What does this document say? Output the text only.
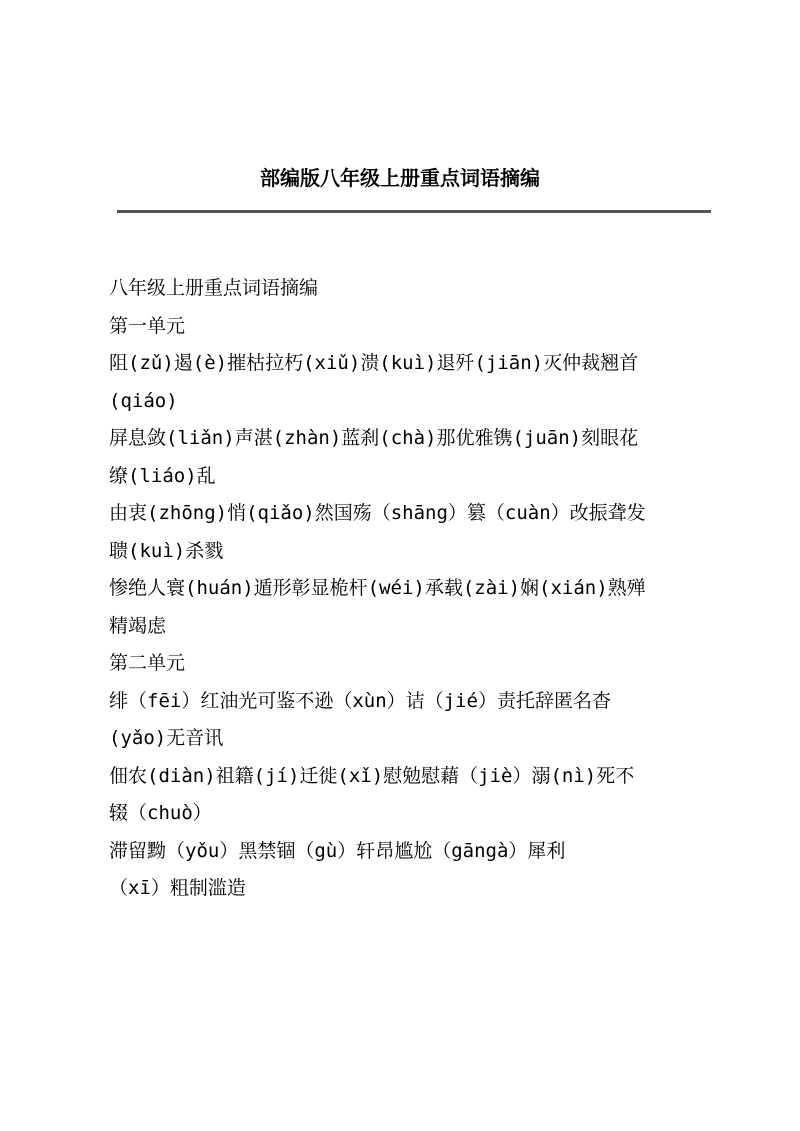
部编版八年级上册重点词语摘编
八年级上册重点词语摘编
第一单元
阻(zǔ)遏(è)摧枯拉朽(xiǔ)溃(kuì)退歼(jiān)灭仲裁翘首
(qiáo)
屏息敛(liǎn)声湛(zhàn)蓝刹(chà)那优雅镌(juān)刻眼花
缭(liáo)乱
由衷(zhōng)悄(qiǎo)然国殇（shāng）篡（cuàn）改振聋发
聩(kuì)杀戮
惨绝人寰(huán)遁形彰显桅杆(wéi)承载(zài)娴(xián)熟殚
精竭虑
第二单元
绯（fēi）红油光可鉴不逊（xùn）诘（jié）责托辞匿名杳
(yǎo)无音讯
佃农(diàn)祖籍(jí)迁徙(xǐ)慰勉慰藉（jiè）溺(nì)死不
辍（chuò）
滞留黝（yǒu）黑禁锢（gù）轩昂尴尬（gāngà）犀利
（xī）粗制滥造
